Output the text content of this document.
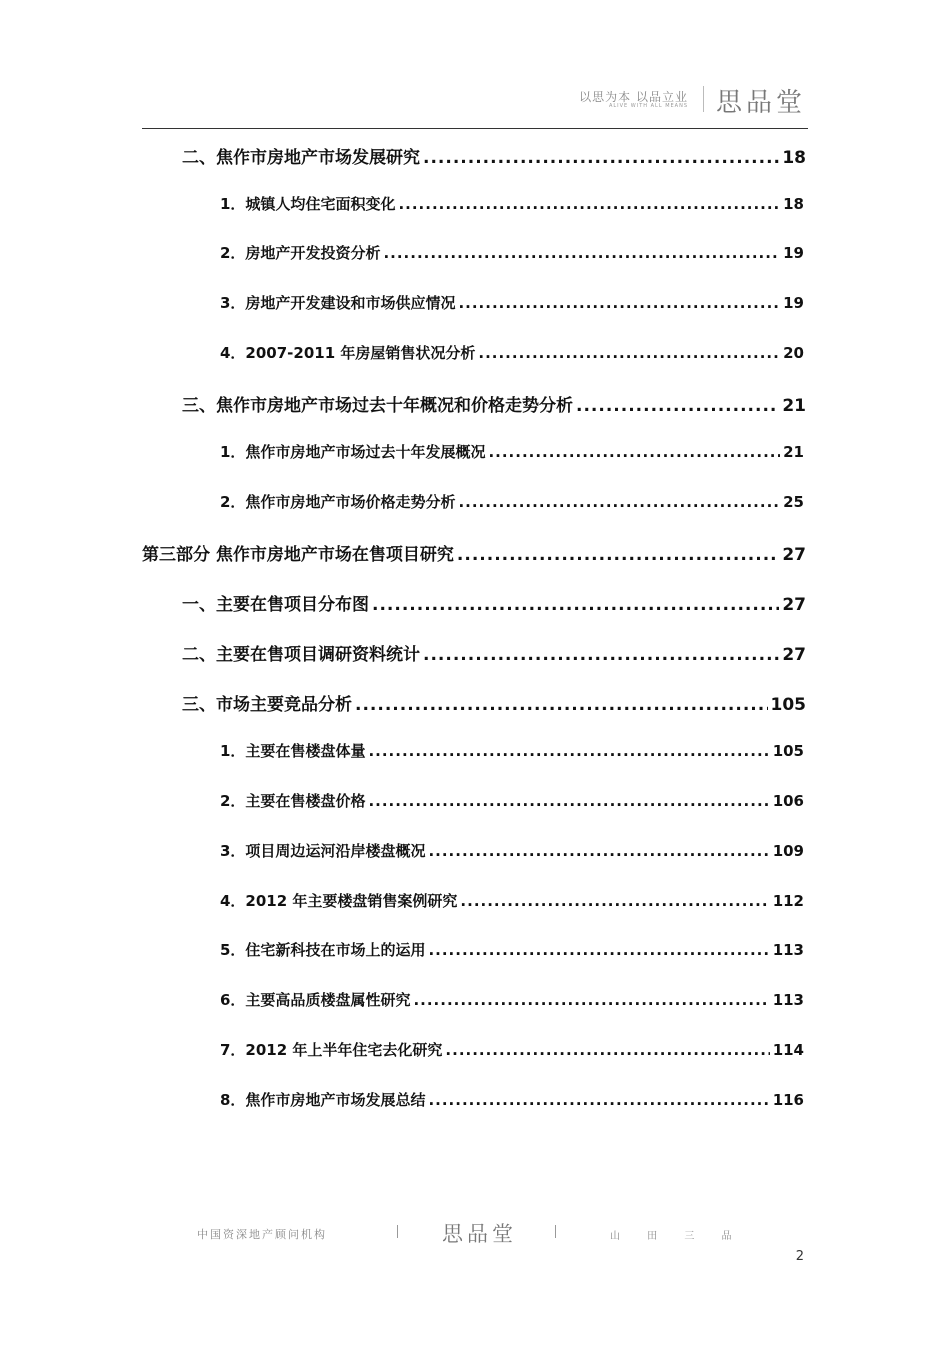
以思为本 以品立业
ALIVE WITH ALL MEANS 思品堂
二、焦作市房地产市场发展研究 .....	18
1．城镇人均住宅面积变化 .....	18
2．房地产开发投资分析 .....	19
3．房地产开发建设和市场供应情况 .....	19
4．2007-2011 年房屋销售状况分析 .....	20
三、焦作市房地产市场过去十年概况和价格走势分析 .....	21
1．焦作市房地产市场过去十年发展概况 .....	21
2．焦作市房地产市场价格走势分析 .....	25
第三部分 焦作市房地产市场在售项目研究 .....	27
一、主要在售项目分布图 .....	27
二、主要在售项目调研资料统计 .....	27
三、市场主要竞品分析 .....	105
1．主要在售楼盘体量 .....	105
2．主要在售楼盘价格 .....	106
3．项目周边运河沿岸楼盘概况 .....	109
4．2012 年主要楼盘销售案例研究 .....	112
5．住宅新科技在市场上的运用 .....	113
6．主要高品质楼盘属性研究 .....	113
7．2012 年上半年住宅去化研究 .....	114
8．焦作市房地产市场发展总结 .....	116
中国资深地产顾问机构	思品堂	山 田 三 品
2
